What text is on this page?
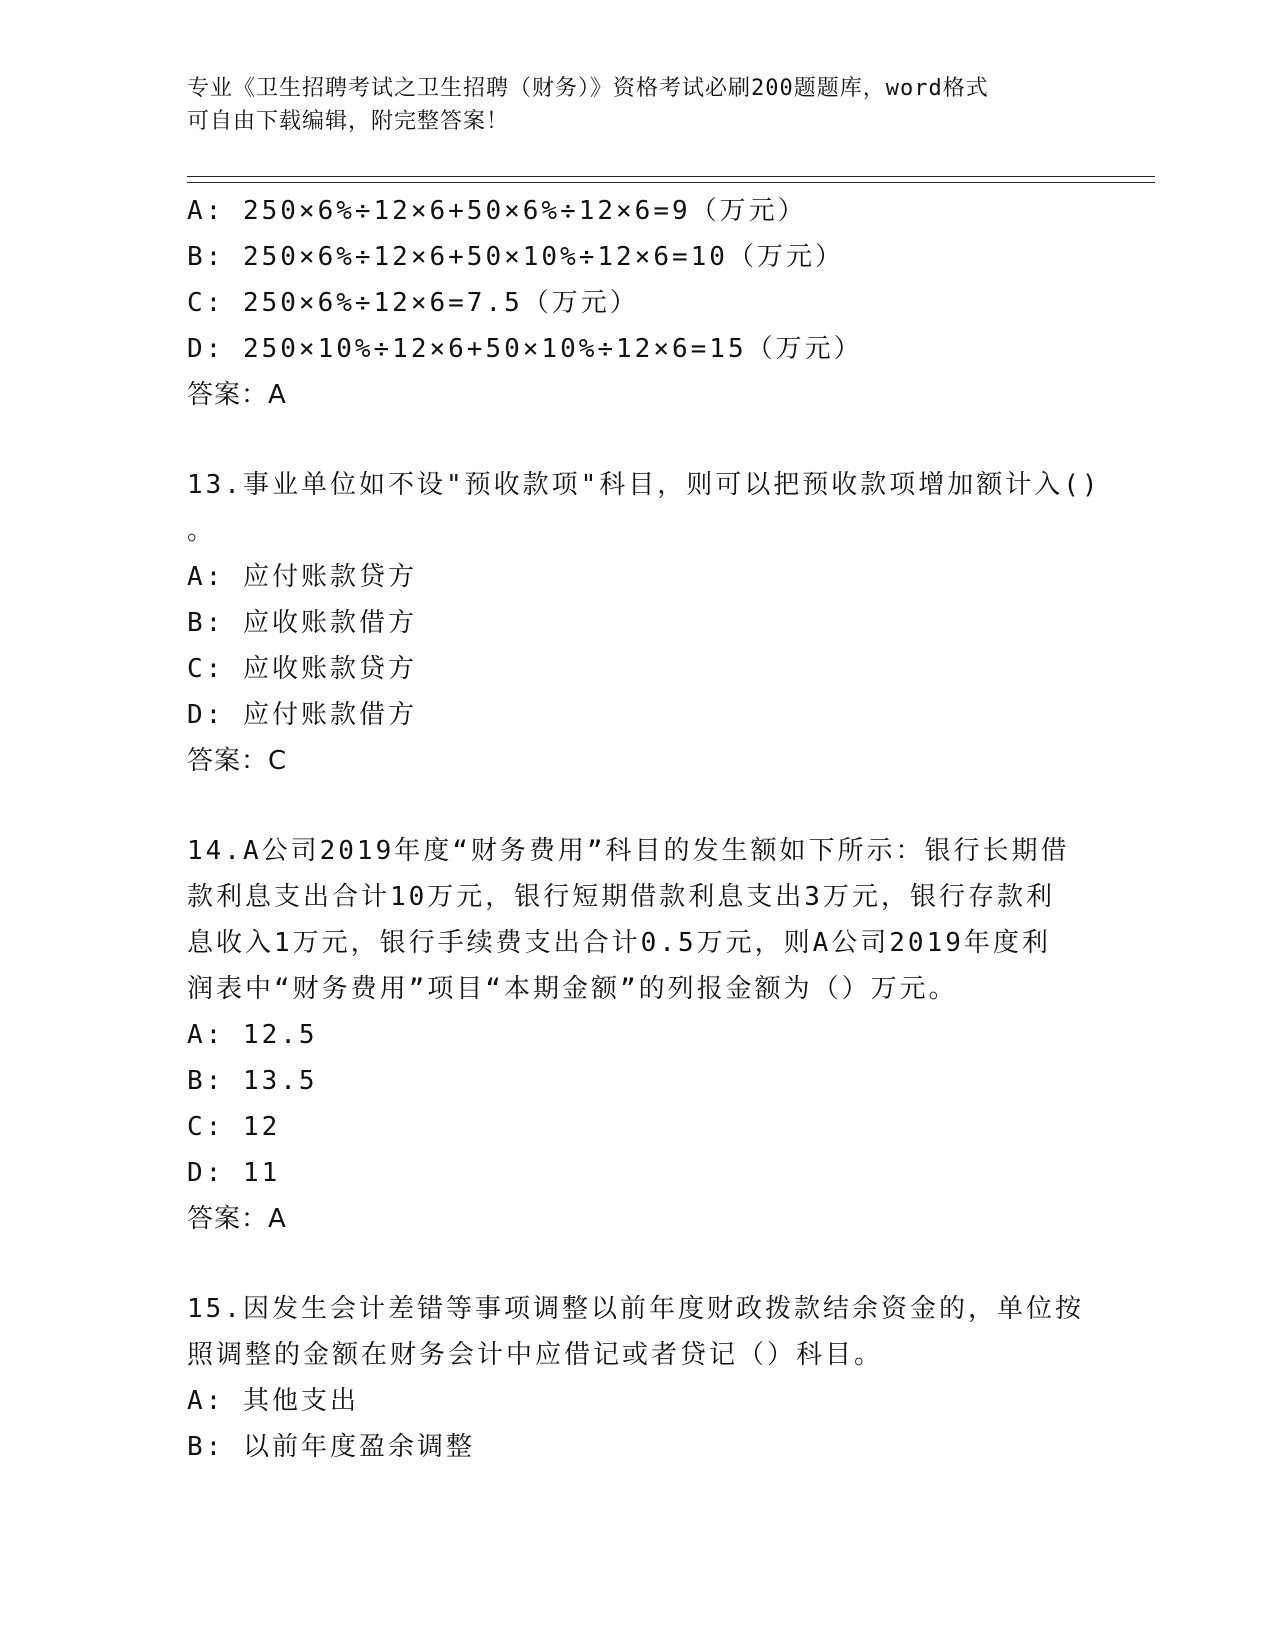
专业《卫生招聘考试之卫生招聘（财务）》资格考试必刷200题题库，word格式
可自由下载编辑，附完整答案！
A: 250×6%÷12×6+50×6%÷12×6=9（万元）
B: 250×6%÷12×6+50×10%÷12×6=10（万元）
C: 250×6%÷12×6=7.5（万元）
D: 250×10%÷12×6+50×10%÷12×6=15（万元）
答案：A
13.事业单位如不设"预收款项"科目，则可以把预收款项增加额计入()
。
A: 应付账款贷方
B: 应收账款借方
C: 应收账款贷方
D: 应付账款借方
答案：C
14.A公司2019年度“财务费用”科目的发生额如下所示：银行长期借
款利息支出合计10万元，银行短期借款利息支出3万元，银行存款利
息收入1万元，银行手续费支出合计0.5万元，则A公司2019年度利
润表中“财务费用”项目“本期金额”的列报金额为（）万元。
A: 12.5
B: 13.5
C: 12
D: 11
答案：A
15.因发生会计差错等事项调整以前年度财政拨款结余资金的，单位按
照调整的金额在财务会计中应借记或者贷记（）科目。
A: 其他支出
B: 以前年度盈余调整
